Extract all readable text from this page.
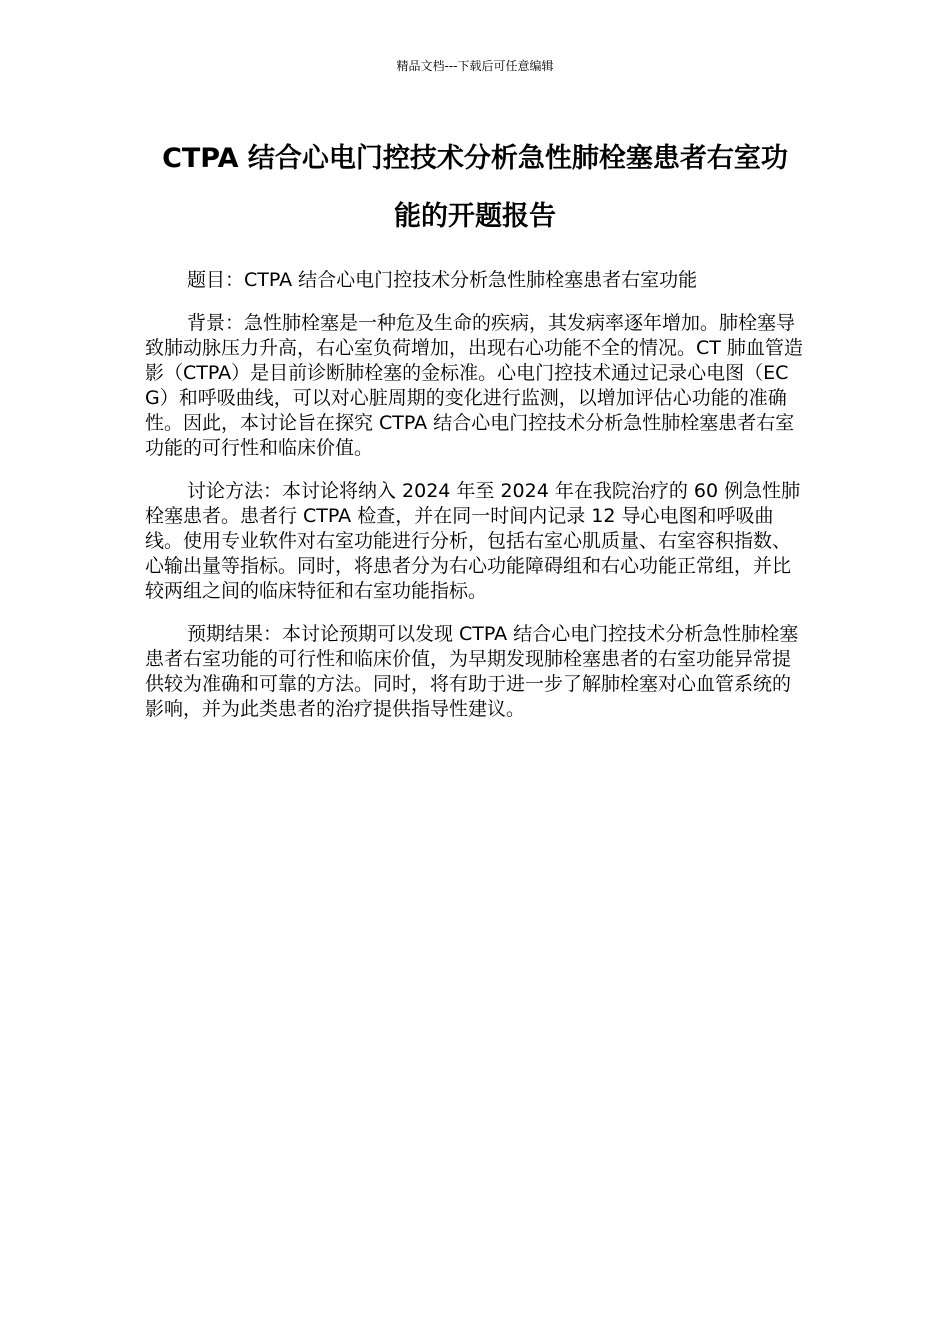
精品文档---下载后可任意编辑
CTPA 结合心电门控技术分析急性肺栓塞患者右室功
能的开题报告

题目：CTPA 结合心电门控技术分析急性肺栓塞患者右室功能

背景：急性肺栓塞是一种危及生命的疾病，其发病率逐年增加。肺栓塞导致肺动脉压力升高，右心室负荷增加，出现右心功能不全的情况。CT 肺血管造影（CTPA）是目前诊断肺栓塞的金标准。心电门控技术通过记录心电图（ECG）和呼吸曲线，可以对心脏周期的变化进行监测，以增加评估心功能的准确性。因此，本讨论旨在探究 CTPA 结合心电门控技术分析急性肺栓塞患者右室功能的可行性和临床价值。

讨论方法：本讨论将纳入 2024 年至 2024 年在我院治疗的 60 例急性肺栓塞患者。患者行 CTPA 检查，并在同一时间内记录 12 导心电图和呼吸曲线。使用专业软件对右室功能进行分析，包括右室心肌质量、右室容积指数、心输出量等指标。同时，将患者分为右心功能障碍组和右心功能正常组，并比较两组之间的临床特征和右室功能指标。

预期结果：本讨论预期可以发现 CTPA 结合心电门控技术分析急性肺栓塞患者右室功能的可行性和临床价值，为早期发现肺栓塞患者的右室功能异常提供较为准确和可靠的方法。同时，将有助于进一步了解肺栓塞对心血管系统的影响，并为此类患者的治疗提供指导性建议。
